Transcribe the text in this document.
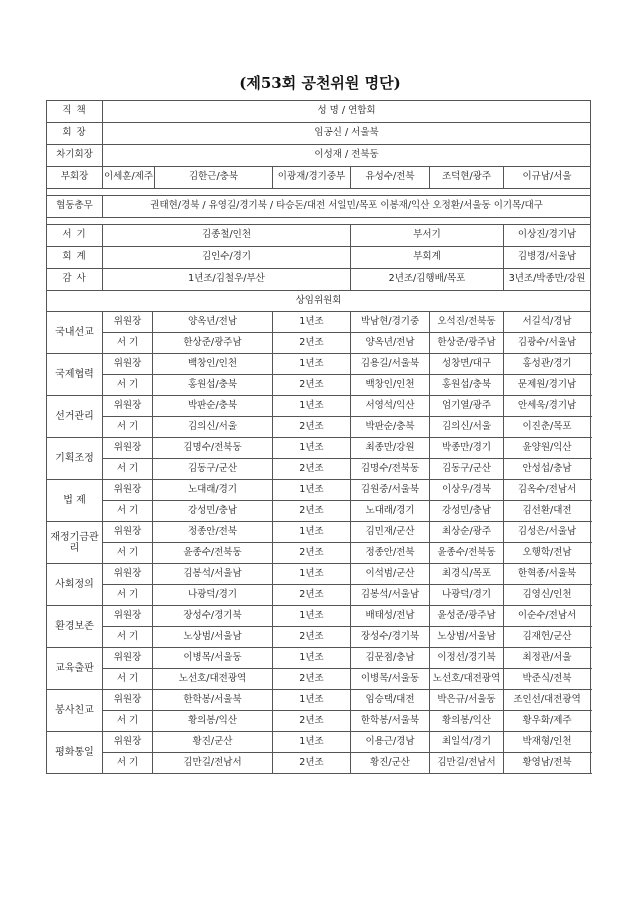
(제53회 공천위원 명단)
직 책	성 명 / 연합회						
회 장	임공신 / 서울북						
차기회장	이성재 / 전북동						
부회장	이세훈/제주		김한근/충북	이광재/경기중부	유성수/전북	조덕현/광주	이규남/서울

협동총무	권태현/경북 / 유영길/경기북 / 타승돈/대전 서일민/목포 이봉재/익산 오정환/서울동 이기목/대구						

서 기	김종철/인천				부서기		이상진/경기남
회 계	김인수/경기				부회계		김병경/서울남
감 사	1년조/김철우/부산				2년조/김행배/목포		3년조/박종만/강원
상임위원회							
국내선교	위원장	양옥년/전남		1년조	박남현/경기중	오석진/전북동	서길석/경남
	서 기	한상준/광주남		2년조	양옥년/전남	한상준/광주남	김광수/서울남
국제협력	위원장	백창인/인천		1년조	김용길/서울북	성창면/대구	홍성관/경기
	서 기	홍원섭/충북		2년조	백창인/인천	홍원섭/충북	문제원/경기남
선거관리	위원장	박판순/충북		1년조	서영석/익산	엄기열/광주	안세욱/경기남
	서 기	김의신/서울		2년조	박판순/충북	김의신/서울	이진춘/목포
기획조정	위원장	김명수/전북동		1년조	최종만/강원	박종만/경기	윤양원/익산
	서 기	김동구/군산		2년조	김명수/전북동	김동구/군산	안성섭/충남
법 제	위원장	노대래/경기		1년조	김원중/서울북	이상우/경북	김옥수/전남서
	서 기	강성민/충남		2년조	노대래/경기	강성민/충남	김선환/대전
재정기금관 리	위원장	정종안/전북		1년조	김민재/군산	최상순/광주	김성은/서울남
	서 기	윤종수/전북동		2년조	정종안/전북	윤종수/전북동	오행학/전남
사회정의	위원장	김봉석/서울남		1년조	이석범/군산	최경식/목포	한혁종/서울북
	서 기	나광덕/경기		2년조	김봉석/서울남	나광덕/경기	김영신/인천
환경보존	위원장	장성수/경기북		1년조	배태성/전남	윤성준/광주남	이순수/전남서
	서 기	노상범/서울남		2년조	장성수/경기북	노상범/서울남	김재헌/군산
교육출판	위원장	이병목/서울동		1년조	김문점/충남	이정선/경기북	최정관/서울
	서 기	노선호/대전광역		2년조	이병목/서울동	노선호/대전광역	박준식/전북
봉사친교	위원장	한학봉/서울북		1년조	임승택/대전	박은규/서울동	조인선/대전광역
	서 기	황의봉/익산		2년조	한학봉/서울북	황의봉/익산	황우화/제주
평화통일	위원장	황진/군산		1년조	이용근/경남	최일석/경기	박재형/인천
	서 기	김만길/전남서		2년조	황진/군산	김만길/전남서	황영남/전북
